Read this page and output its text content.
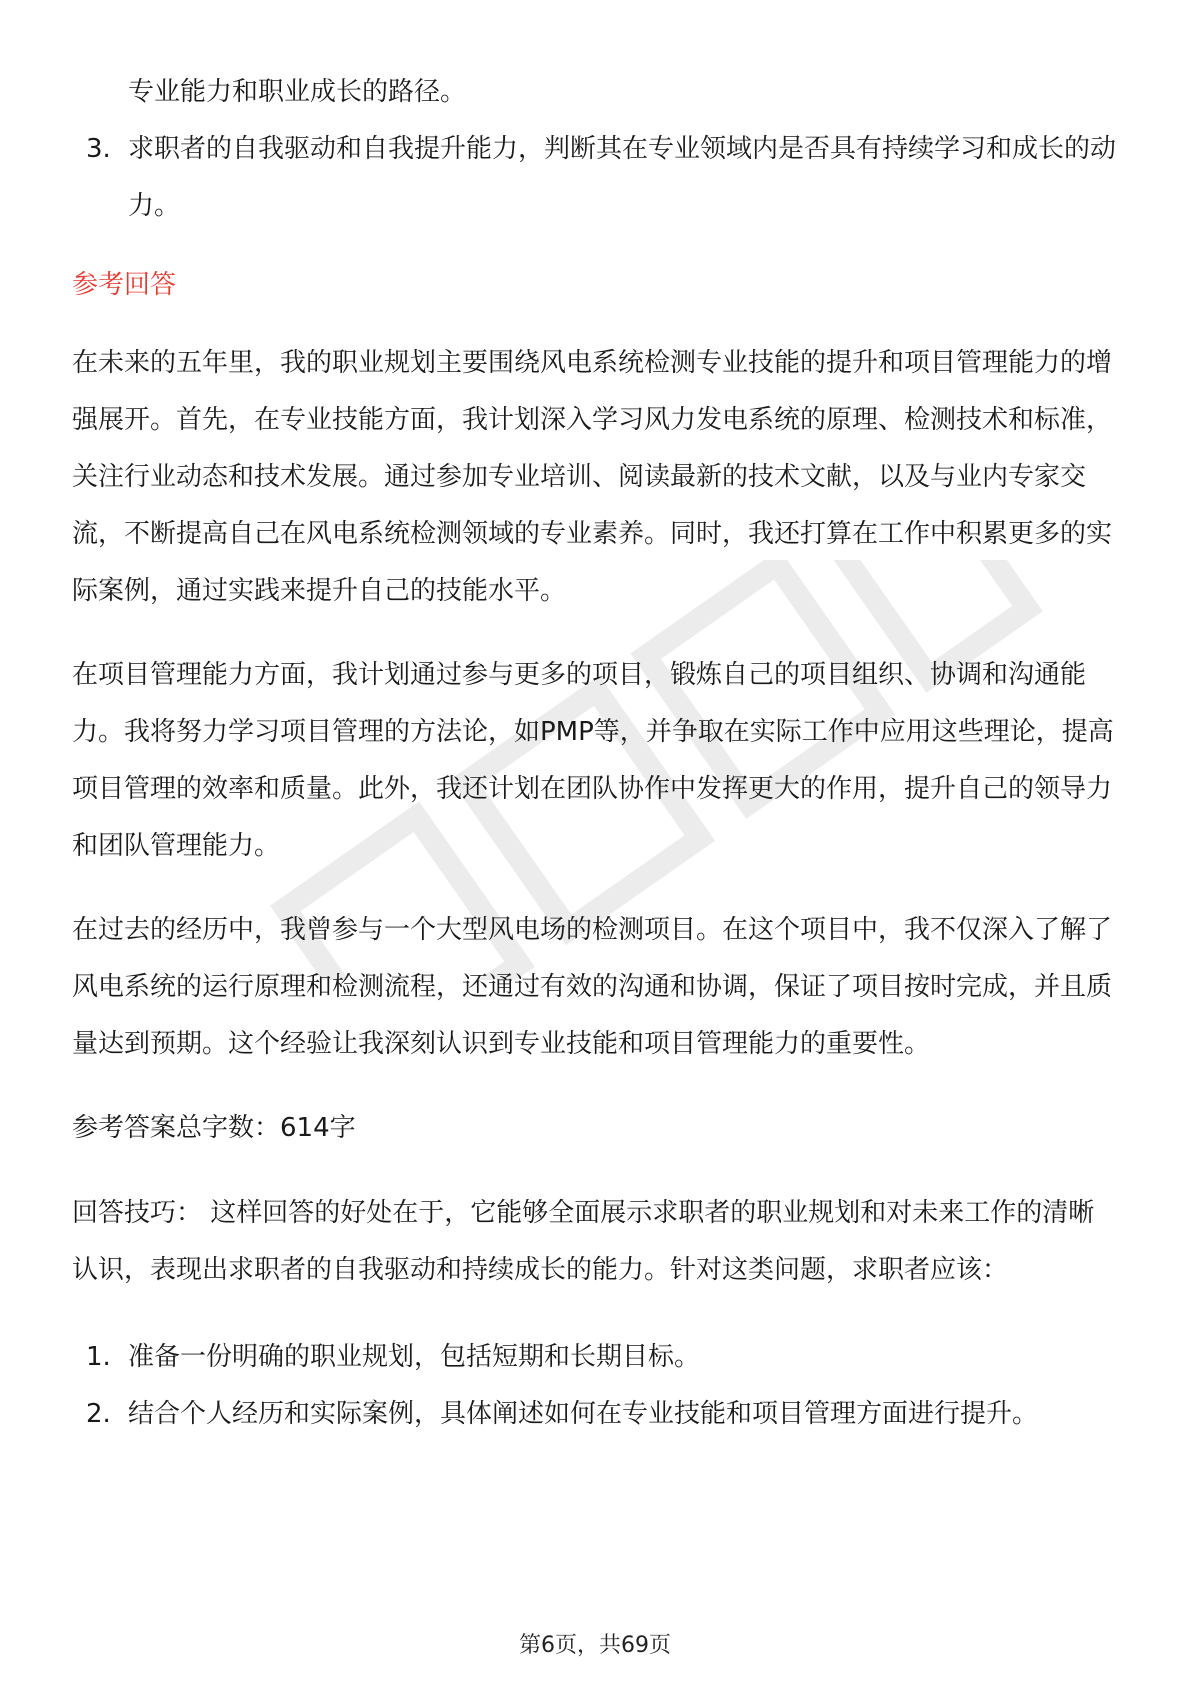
专业能力和职业成长的路径。
3. 求职者的自我驱动和自我提升能力，判断其在专业领域内是否具有持续学习和成长的动力。
参考回答

在未来的五年里，我的职业规划主要围绕风电系统检测专业技能的提升和项目管理能力的增强展开。首先，在专业技能方面，我计划深入学习风力发电系统的原理、检测技术和标准，关注行业动态和技术发展。通过参加专业培训、阅读最新的技术文献，以及与业内专家交流，不断提高自己在风电系统检测领域的专业素养。同时，我还打算在工作中积累更多的实际案例，通过实践来提升自己的技能水平。

在项目管理能力方面，我计划通过参与更多的项目，锻炼自己的项目组织、协调和沟通能力。我将努力学习项目管理的方法论，如PMP等，并争取在实际工作中应用这些理论，提高项目管理的效率和质量。此外，我还计划在团队协作中发挥更大的作用，提升自己的领导力和团队管理能力。

在过去的经历中，我曾参与一个大型风电场的检测项目。在这个项目中，我不仅深入了解了风电系统的运行原理和检测流程，还通过有效的沟通和协调，保证了项目按时完成，并且质量达到预期。这个经验让我深刻认识到专业技能和项目管理能力的重要性。

参考答案总字数：614字

回答技巧： 这样回答的好处在于，它能够全面展示求职者的职业规划和对未来工作的清晰认识，表现出求职者的自我驱动和持续成长的能力。针对这类问题，求职者应该：

1. 准备一份明确的职业规划，包括短期和长期目标。
2. 结合个人经历和实际案例，具体阐述如何在专业技能和项目管理方面进行提升。
第6页，共69页
